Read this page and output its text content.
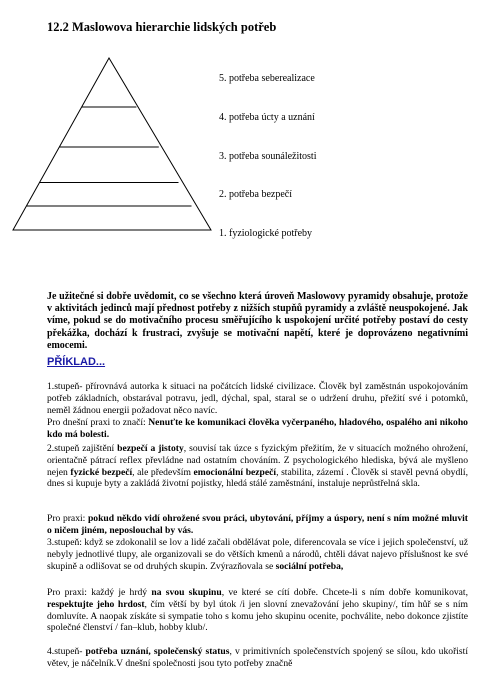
12.2 Maslowova hierarchie lidských potřeb
5. potřeba seberealizace
4. potřeba úcty a uznání
3. potřeba sounáležitosti
2. potřeba bezpečí
1. fyziologické potřeby
Je užitečné si dobře uvědomit, co se všechno která úroveň Maslowovy pyramidy obsahuje, protože v aktivitách jedinců mají přednost potřeby z nižších stupňů pyramidy a zvláště neuspokojené. Jak víme, pokud se do motivačního procesu směřujícího k uspokojení určité potřeby postaví do cesty překážka, dochází k frustraci, zvyšuje se motivační napětí, které je doprovázeno negativními emocemi.
PŘÍKLAD...
1.stupeň- přírovnává autorka k situaci na počátcích lidské civilizace. Člověk byl zaměstnán uspokojováním potřeb základních, obstarával potravu, jedl, dýchal, spal, staral se o udržení druhu, přežití své i potomků, neměl žádnou energii požadovat něco navíc.
Pro dnešní praxi to značí: Nenuťte ke komunikaci člověka vyčerpaného, hladového, ospalého ani nikoho kdo má bolesti.
2.stupeň zajištění bezpečí a jistoty, souvisí tak úzce s fyzickým přežitím, že v situacích možného ohrožení, orientačně pátrací reflex převládne nad ostatním chováním. Z psychologického hlediska, bývá ale myšleno nejen fyzické bezpečí, ale především emocionální bezpečí, stabilita, zázemí . Člověk si stavěl pevná obydlí, dnes si kupuje byty a zakládá životní pojistky, hledá stálé zaměstnání, instaluje neprůstřelná skla.
Pro praxi: pokud někdo vidí ohrožené svou práci, ubytování, příjmy a úspory, není s ním možné mluvit o ničem jiném, neposlouchal by vás.
3.stupeň: když se zdokonalil se lov a lidé začali obdělávat pole, diferencovala se více i jejich společenství, už nebyly jednotlivé tlupy, ale organizovali se do větších kmenů a národů, chtěli dávat najevo příslušnost ke své skupině a odlišovat se od druhých skupin. Zvýrazňovala se sociální potřeba,
Pro praxi: každý je hrdý na svou skupinu, ve které se cítí dobře. Chcete-li s ním dobře komunikovat, respektujte jeho hrdost, čím větší by byl útok /i jen slovní znevažování jeho skupiny/, tím hůř se s ním domluvíte. A naopak získáte si sympatie toho s komu jeho skupinu ocenite, pochválite, nebo dokonce zjistíte společné členství / fan–klub, hobby klub/.
4.stupeň- potřeba uznání, společenský status, v primitivních společenstvích spojený se sílou, kdo ukořistí větev, je náčelník.V dnešní společnosti jsou tyto potřeby značně
